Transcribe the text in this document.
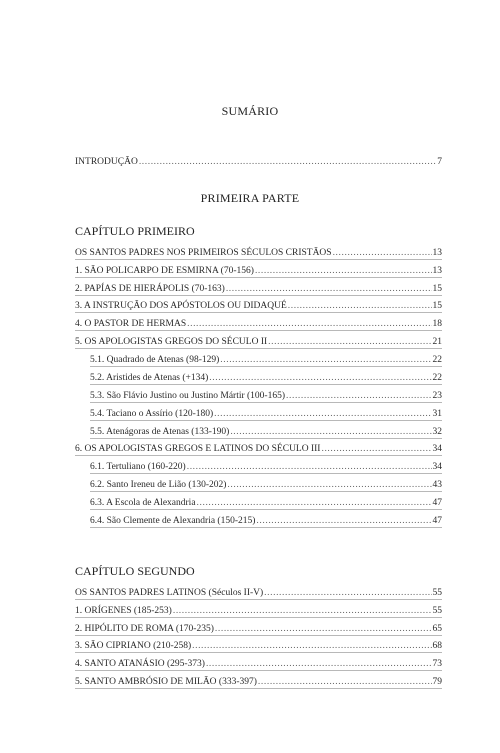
SUMÁRIO
INTRODUÇÃO .....	7
PRIMEIRA PARTE
CAPÍTULO PRIMEIRO
OS SANTOS PADRES NOS PRIMEIROS SÉCULOS CRISTÃOS .....	13
1. SÃO POLICARPO DE ESMIRNA (70-156) .....	13
2. PAPÍAS DE HIERÁPOLIS (70-163) .....	15
3. A INSTRUÇÃO DOS APÓSTOLOS OU DIDAQUÉ .....	15
4. O PASTOR DE HERMAS .....	18
5. OS APOLOGISTAS GREGOS DO SÉCULO II .....	21
5.1. Quadrado de Atenas (98-129) .....	22
5.2. Aristides de Atenas (+134) .....	22
5.3. São Flávio Justino ou Justino Mártir (100-165) .....	23
5.4. Taciano o Assírio (120-180) .....	31
5.5. Atenágoras de Atenas (133-190) .....	32
6. OS APOLOGISTAS GREGOS E LATINOS DO SÉCULO III .....	34
6.1. Tertuliano (160-220) .....	34
6.2. Santo Ireneu de Lião (130-202) .....	43
6.3. A Escola de Alexandria .....	47
6.4. São Clemente de Alexandria (150-215) .....	47
CAPÍTULO SEGUNDO
OS SANTOS PADRES LATINOS (Séculos II-V) .....	55
1. ORÍGENES (185-253) .....	55
2. HIPÓLITO DE ROMA (170-235) .....	65
3. SÃO CIPRIANO (210-258) .....	68
4. SANTO ATANÁSIO (295-373) .....	73
5. SANTO AMBRÓSIO DE MILÃO (333-397) .....	79
